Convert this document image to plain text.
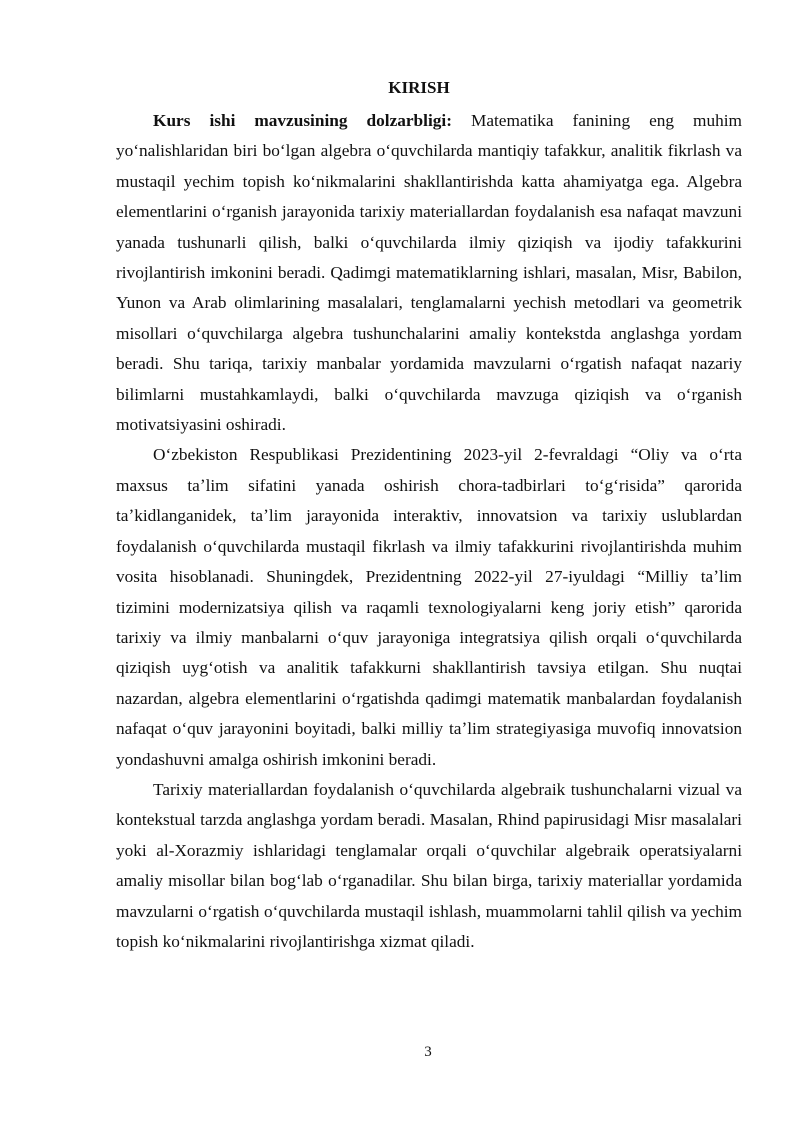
KIRISH

Kurs ishi mavzusining dolzarbligi: Matematika fanining eng muhim yoʻnalishlaridan biri boʻlgan algebra oʻquvchilarda mantiqiy tafakkur, analitik fikrlash va mustaqil yechim topish koʻnikmalarini shakllantirishda katta ahamiyatga ega. Algebra elementlarini oʻrganish jarayonida tarixiy materiallardan foydalanish esa nafaqat mavzuni yanada tushunarli qilish, balki oʻquvchilarda ilmiy qiziqish va ijodiy tafakkurini rivojlantirish imkonini beradi. Qadimgi matematiklarning ishlari, masalan, Misr, Babilon, Yunon va Arab olimlarining masalalari, tenglamalarni yechish metodlari va geometrik misollari oʻquvchilarga algebra tushunchalarini amaliy kontekstda anglashga yordam beradi. Shu tariqa, tarixiy manbalar yordamida mavzularni oʻrgatish nafaqat nazariy bilimlarni mustahkamlaydi, balki oʻquvchilarda mavzuga qiziqish va oʻrganish motivatsiyasini oshiradi.

Oʻzbekiston Respublikasi Prezidentining 2023-yil 2-fevraldagi “Oliy va oʻrta maxsus taʼlim sifatini yanada oshirish chora-tadbirlari toʻgʻrisida” qarorida taʼkidlanganidek, taʼlim jarayonida interaktiv, innovatsion va tarixiy uslublardan foydalanish oʻquvchilarda mustaqil fikrlash va ilmiy tafakkurini rivojlantirishda muhim vosita hisoblanadi. Shuningdek, Prezidentning 2022-yil 27-iyuldagi “Milliy taʼlim tizimini modernizatsiya qilish va raqamli texnologiyalarni keng joriy etish” qarorida tarixiy va ilmiy manbalarni oʻquv jarayoniga integratsiya qilish orqali oʻquvchilarda qiziqish uygʻotish va analitik tafakkurni shakllantirish tavsiya etilgan. Shu nuqtai nazardan, algebra elementlarini oʻrgatishda qadimgi matematik manbalardan foydalanish nafaqat oʻquv jarayonini boyitadi, balki milliy taʼlim strategiyasiga muvofiq innovatsion yondashuvni amalga oshirish imkonini beradi.

Tarixiy materiallardan foydalanish oʻquvchilarda algebraik tushunchalarni vizual va kontekstual tarzda anglashga yordam beradi. Masalan, Rhind papirusidagi Misr masalalari yoki al-Xorazmiy ishlaridagi tenglamalar orqali oʻquvchilar algebraik operatsiyalarni amaliy misollar bilan bogʻlab oʻrganadilar. Shu bilan birga, tarixiy materiallar yordamida mavzularni oʻrgatish oʻquvchilarda mustaqil ishlash, muammolarni tahlil qilish va yechim topish koʻnikmalarini rivojlantirishga xizmat qiladi.

3
